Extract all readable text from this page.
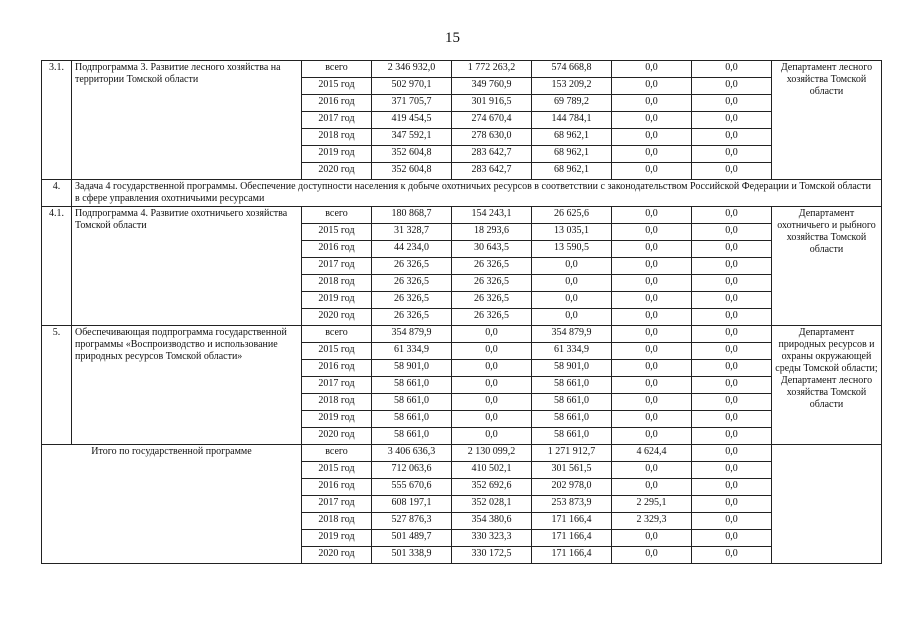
15
3.1.	Подпрограмма 3. Развитие лесного хозяйства на территории Томской области	всего	2 346 932,0	1 772 263,2	574 668,8	0,0	0,0	Департамент лесного хозяйства Томской области
		2015 год	502 970,1	349 760,9	153 209,2	0,0	0,0	
		2016 год	371 705,7	301 916,5	69 789,2	0,0	0,0	
		2017 год	419 454,5	274 670,4	144 784,1	0,0	0,0	
		2018 год	347 592,1	278 630,0	68 962,1	0,0	0,0	
		2019 год	352 604,8	283 642,7	68 962,1	0,0	0,0	
		2020 год	352 604,8	283 642,7	68 962,1	0,0	0,0	
4.	Задача 4 государственной программы. Обеспечение доступности населения к добыче охотничьих ресурсов в соответствии с законодательством Российской Федерации и Томской области в сфере управления охотничьими ресурсами							
4.1.	Подпрограмма 4. Развитие охотничьего хозяйства Томской области	всего	180 868,7	154 243,1	26 625,6	0,0	0,0	Департамент охотничьего и рыбного хозяйства Томской области
		2015 год	31 328,7	18 293,6	13 035,1	0,0	0,0	
		2016 год	44 234,0	30 643,5	13 590,5	0,0	0,0	
		2017 год	26 326,5	26 326,5	0,0	0,0	0,0	
		2018 год	26 326,5	26 326,5	0,0	0,0	0,0	
		2019 год	26 326,5	26 326,5	0,0	0,0	0,0	
		2020 год	26 326,5	26 326,5	0,0	0,0	0,0	
5.	Обеспечивающая подпрограмма государственной программы «Воспроизводство и использование природных ресурсов Томской области»	всего	354 879,9	0,0	354 879,9	0,0	0,0	Департамент природных ресурсов и охраны окружающей среды Томской области; Департамент лесного хозяйства Томской области
		2015 год	61 334,9	0,0	61 334,9	0,0	0,0	
		2016 год	58 901,0	0,0	58 901,0	0,0	0,0	
		2017 год	58 661,0	0,0	58 661,0	0,0	0,0	
		2018 год	58 661,0	0,0	58 661,0	0,0	0,0	
		2019 год	58 661,0	0,0	58 661,0	0,0	0,0	
		2020 год	58 661,0	0,0	58 661,0	0,0	0,0	
Итого по государственной программе		всего	3 406 636,3	2 130 099,2	1 271 912,7	4 624,4	0,0	
		2015 год	712 063,6	410 502,1	301 561,5	0,0	0,0	
		2016 год	555 670,6	352 692,6	202 978,0	0,0	0,0	
		2017 год	608 197,1	352 028,1	253 873,9	2 295,1	0,0	
		2018 год	527 876,3	354 380,6	171 166,4	2 329,3	0,0	
		2019 год	501 489,7	330 323,3	171 166,4	0,0	0,0	
		2020 год	501 338,9	330 172,5	171 166,4	0,0	0,0	
